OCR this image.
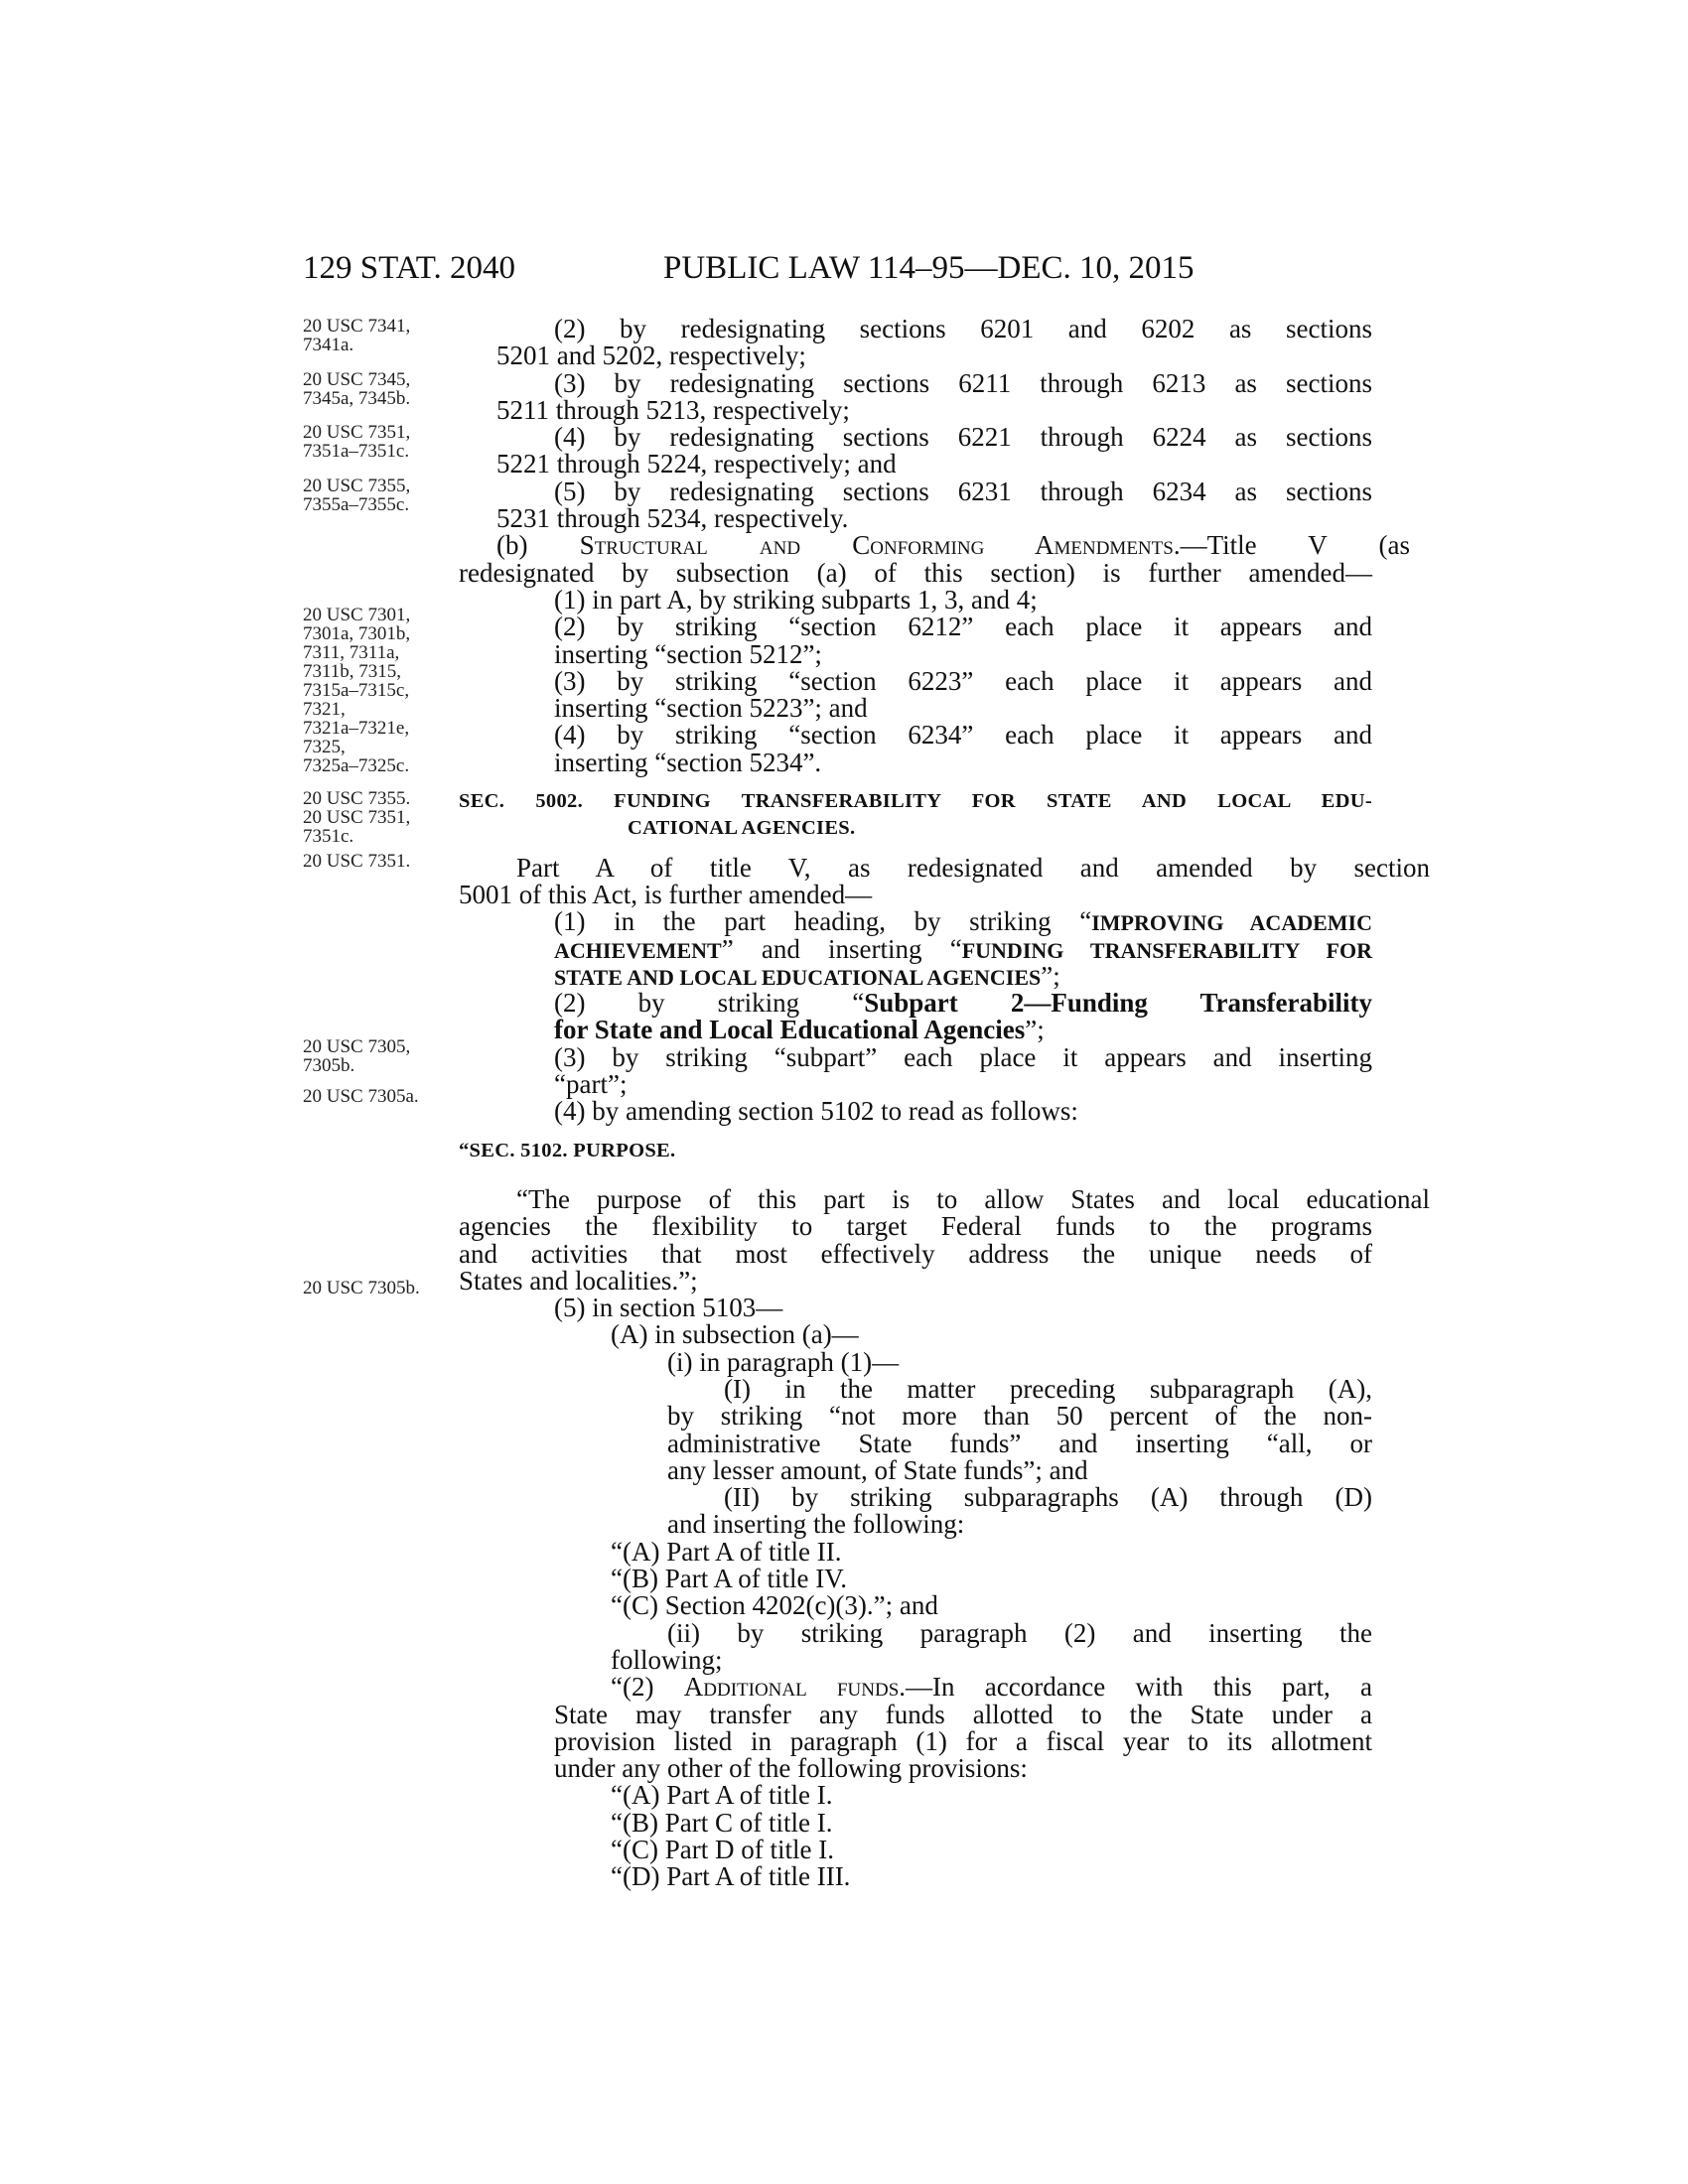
129 STAT. 2040	PUBLIC LAW 114–95—DEC. 10, 2015
20 USC 7341,
7341a.
20 USC 7345,
7345a, 7345b.
20 USC 7351,
7351a–7351c.
20 USC 7355,
7355a–7355c.
20 USC 7301,
7301a, 7301b,
7311, 7311a,
7311b, 7315,
7315a–7315c,
7321,
7321a–7321e,
7325,
7325a–7325c.
20 USC 7355.
20 USC 7351,
7351c.
20 USC 7351.
20 USC 7305,
7305b.
20 USC 7305a.
20 USC 7305b.
(2) by redesignating sections 6201 and 6202 as sections
5201 and 5202, respectively;
(3) by redesignating sections 6211 through 6213 as sections
5211 through 5213, respectively;
(4) by redesignating sections 6221 through 6224 as sections
5221 through 5224, respectively; and
(5) by redesignating sections 6231 through 6234 as sections
5231 through 5234, respectively.
(b) Structural and Conforming Amendments.—Title V (as
redesignated by subsection (a) of this section) is further amended—
(1) in part A, by striking subparts 1, 3, and 4;
(2) by striking “section 6212” each place it appears and
inserting “section 5212”;
(3) by striking “section 6223” each place it appears and
inserting “section 5223”; and
(4) by striking “section 6234” each place it appears and
inserting “section 5234”.
SEC. 5002. FUNDING TRANSFERABILITY FOR STATE AND LOCAL EDU-
CATIONAL AGENCIES.
Part A of title V, as redesignated and amended by section
5001 of this Act, is further amended—
(1) in the part heading, by striking “IMPROVING ACADEMIC
ACHIEVEMENT” and inserting “FUNDING TRANSFERABILITY FOR
STATE AND LOCAL EDUCATIONAL AGENCIES”;
(2) by striking “Subpart 2—Funding Transferability
for State and Local Educational Agencies”;
(3) by striking “subpart” each place it appears and inserting
“part”;
(4) by amending section 5102 to read as follows:
“SEC. 5102. PURPOSE.
“The purpose of this part is to allow States and local educational
agencies the flexibility to target Federal funds to the programs
and activities that most effectively address the unique needs of
States and localities.”;
(5) in section 5103—
(A) in subsection (a)—
(i) in paragraph (1)—
(I) in the matter preceding subparagraph (A),
by striking “not more than 50 percent of the non-
administrative State funds” and inserting “all, or
any lesser amount, of State funds”; and
(II) by striking subparagraphs (A) through (D)
and inserting the following:
“(A) Part A of title II.
“(B) Part A of title IV.
“(C) Section 4202(c)(3).”; and
(ii) by striking paragraph (2) and inserting the
following;
“(2) Additional funds.—In accordance with this part, a
State may transfer any funds allotted to the State under a
provision listed in paragraph (1) for a fiscal year to its allotment
under any other of the following provisions:
“(A) Part A of title I.
“(B) Part C of title I.
“(C) Part D of title I.
“(D) Part A of title III.
